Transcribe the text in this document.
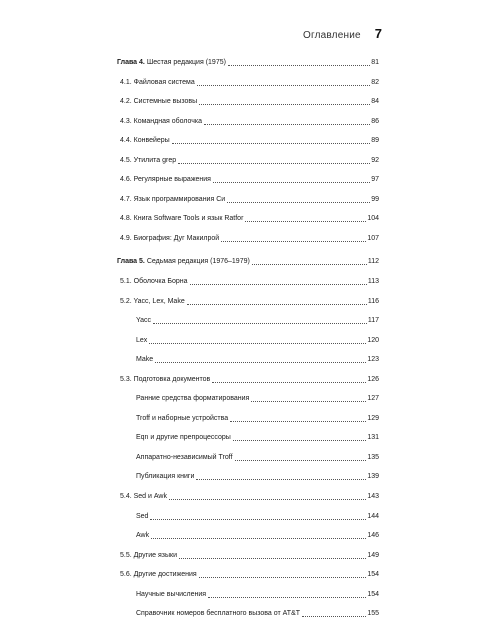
Оглавление 7
Глава 4. Шестая редакция (1975)	81
4.1. Файловая система	82
4.2. Системные вызовы	84
4.3. Командная оболочка	86
4.4. Конвейеры	89
4.5. Утилита grep	92
4.6. Регулярные выражения	97
4.7. Язык программирования Си	99
4.8. Книга Software Tools и язык Ratfor	104
4.9. Биография: Дуг Макилрой	107
Глава 5. Седьмая редакция (1976–1979)	112
5.1. Оболочка Борна	113
5.2. Yacc, Lex, Make	116
Yacc	117
Lex	120
Make	123
5.3. Подготовка документов	126
Ранние средства форматирования	127
Troff и наборные устройства	129
Eqn и другие препроцессоры	131
Аппаратно-независимый Troff	135
Публикация книги	139
5.4. Sed и Awk	143
Sed	144
Awk	146
5.5. Другие языки	149
5.6. Другие достижения	154
Научные вычисления	154
Справочник номеров бесплатного вызова от AT&T	155
